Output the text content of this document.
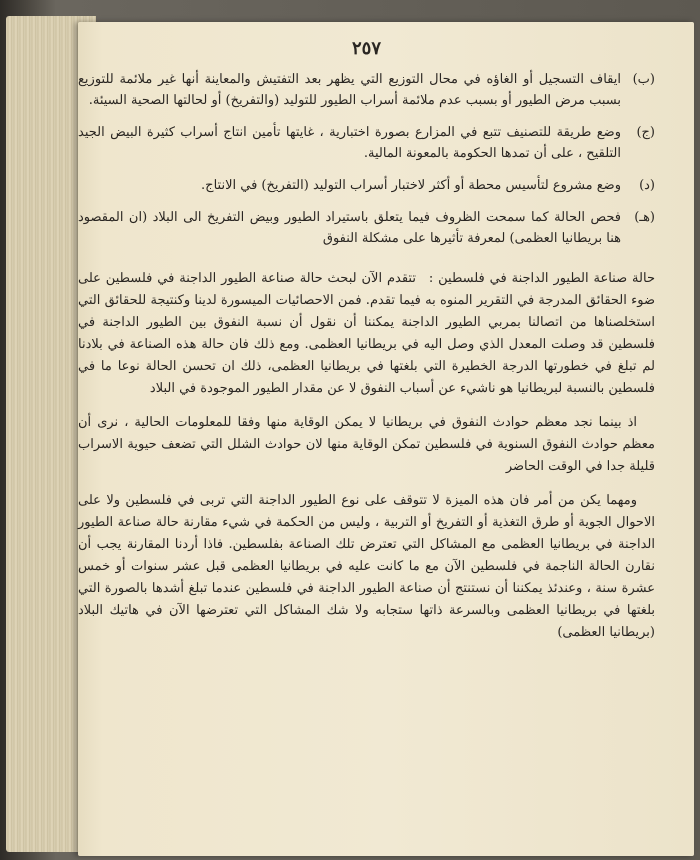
٢٥٧
(ب)
ايقاف التسجيل أو الغاؤه في محال التوزيع التي يظهر بعد التفتيش والمعاينة أنها غير ملائمة للتوزيع بسبب مرض الطيور أو بسبب عدم ملائمة أسراب الطيور للتوليد (والتفريخ) أو لحالتها الصحية السيئة.
(ج)
وضع طريقة للتصنيف تتبع في المزارع بصورة اختبارية ، غايتها تأمين انتاج أسراب كثيرة البيض الجيد التلقيح ، على أن تمدها الحكومة بالمعونة المالية.
(د)
وضع مشروع لتأسيس محطة أو أكثر لاختبار أسراب التوليد (التفريخ) في الانتاج.
(هـ)
فحص الحالة كما سمحت الظروف فيما يتعلق باستيراد الطيور وبيض التفريخ الى البلاد (ان المقصود هنا بريطانيا العظمى) لمعرفة تأثيرها على مشكلة النفوق

حالة صناعة الطيور الداجنة في فلسطين : تتقدم الآن لبحث حالة صناعة الطيور الداجنة في فلسطين على ضوء الحقائق المدرجة في التقرير المنوه به فيما تقدم. فمن الاحصائيات الميسورة لدينا وكنتيجة للحقائق التي استخلصناها من اتصالنا بمربي الطيور الداجنة يمكننا أن نقول أن نسبة النفوق بين الطيور الداجنة في فلسطين قد وصلت المعدل الذي وصل اليه في بريطانيا العظمى. ومع ذلك فان حالة هذه الصناعة في بلادنا لم تبلغ في خطورتها الدرجة الخطيرة التي بلغتها في بريطانيا العظمى، ذلك ان تحسن الحالة نوعا ما في فلسطين بالنسبة لبريطانيا هو ناشيء عن أسباب النفوق لا عن مقدار الطيور الموجودة في البلاد

اذ بينما نجد معظم حوادث النفوق في بريطانيا لا يمكن الوقاية منها وفقا للمعلومات الحالية ، نرى أن معظم حوادث النفوق السنوية في فلسطين تمكن الوقاية منها لان حوادث الشلل التي تضعف حيوية الاسراب قليلة جدا في الوقت الحاضر

ومهما يكن من أمر فان هذه الميزة لا تتوقف على نوع الطيور الداجنة التي تربى في فلسطين ولا على الاحوال الجوية أو طرق التغذية أو التفريخ أو التربية ، وليس من الحكمة في شيء مقارنة حالة صناعة الطيور الداجنة في بريطانيا العظمى مع المشاكل التي تعترض تلك الصناعة بفلسطين. فاذا أردنا المقارنة يجب أن نقارن الحالة الناجمة في فلسطين الآن مع ما كانت عليه في بريطانيا العظمى قبل عشر سنوات أو خمس عشرة سنة ، وعندئذ يمكننا أن نستنتج أن صناعة الطيور الداجنة في فلسطين عندما تبلغ أشدها بالصورة التي بلغتها في بريطانيا العظمى وبالسرعة ذاتها ستجابه ولا شك المشاكل التي تعترضها الآن في هاتيك البلاد (بريطانيا العظمى)
